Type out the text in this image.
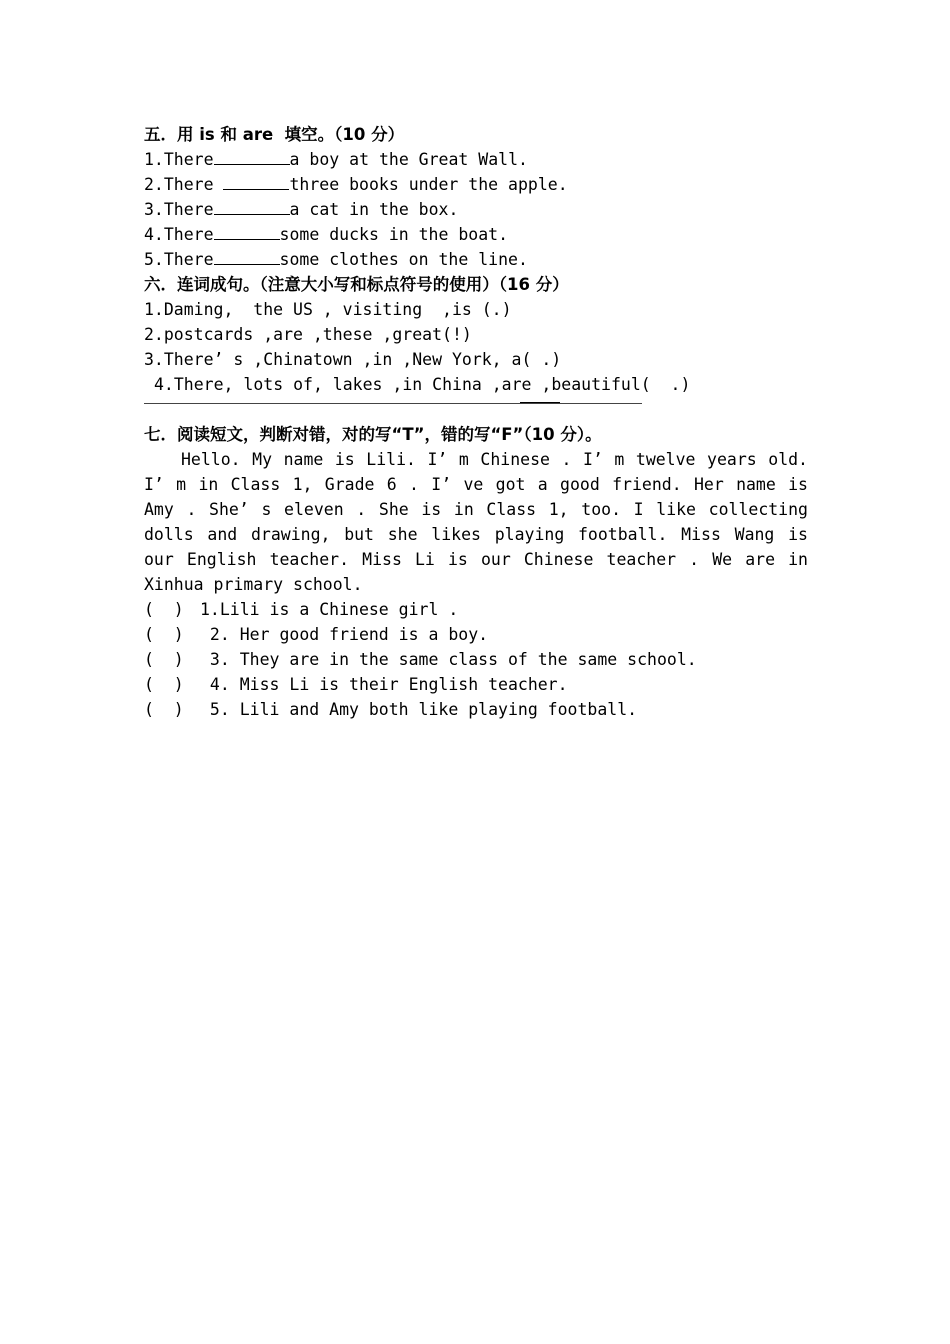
五．用 is 和 are  填空。（10 分）
1.There	a boy at the Great Wall.
2.There	three books under the apple.
3.There	a cat in the box.
4.There	some ducks in the boat.
5.There	some clothes on the line.
六．连词成句。（注意大小写和标点符号的使用）（16 分）
1.Daming,  the US , visiting  ,is (.)
2.postcards ,are ,these ,great(!)
3.There’ s ,Chinatown ,in ,New York, a( .)
4.There, lots of, lakes ,in China ,are ,beautiful(  .)
七．阅读短文，判断对错，对的写“T”，错的写“F”（10 分）。
Hello. My name is Lili. I’ m Chinese . I’ m twelve years old. I’ m in Class 1, Grade 6 . I’ ve got a good friend. Her name is Amy . She’ s eleven . She is in Class 1, too. I like collecting dolls and drawing, but she likes playing football. Miss Wang is our English teacher. Miss Li is our Chinese teacher . We are in Xinhua primary school.
(  ) 1.Lili is a Chinese girl .
(  ) 2. Her good friend is a boy.
(  ) 3. They are in the same class of the same school.
(  ) 4. Miss Li is their English teacher.
(  ) 5. Lili and Amy both like playing football.
